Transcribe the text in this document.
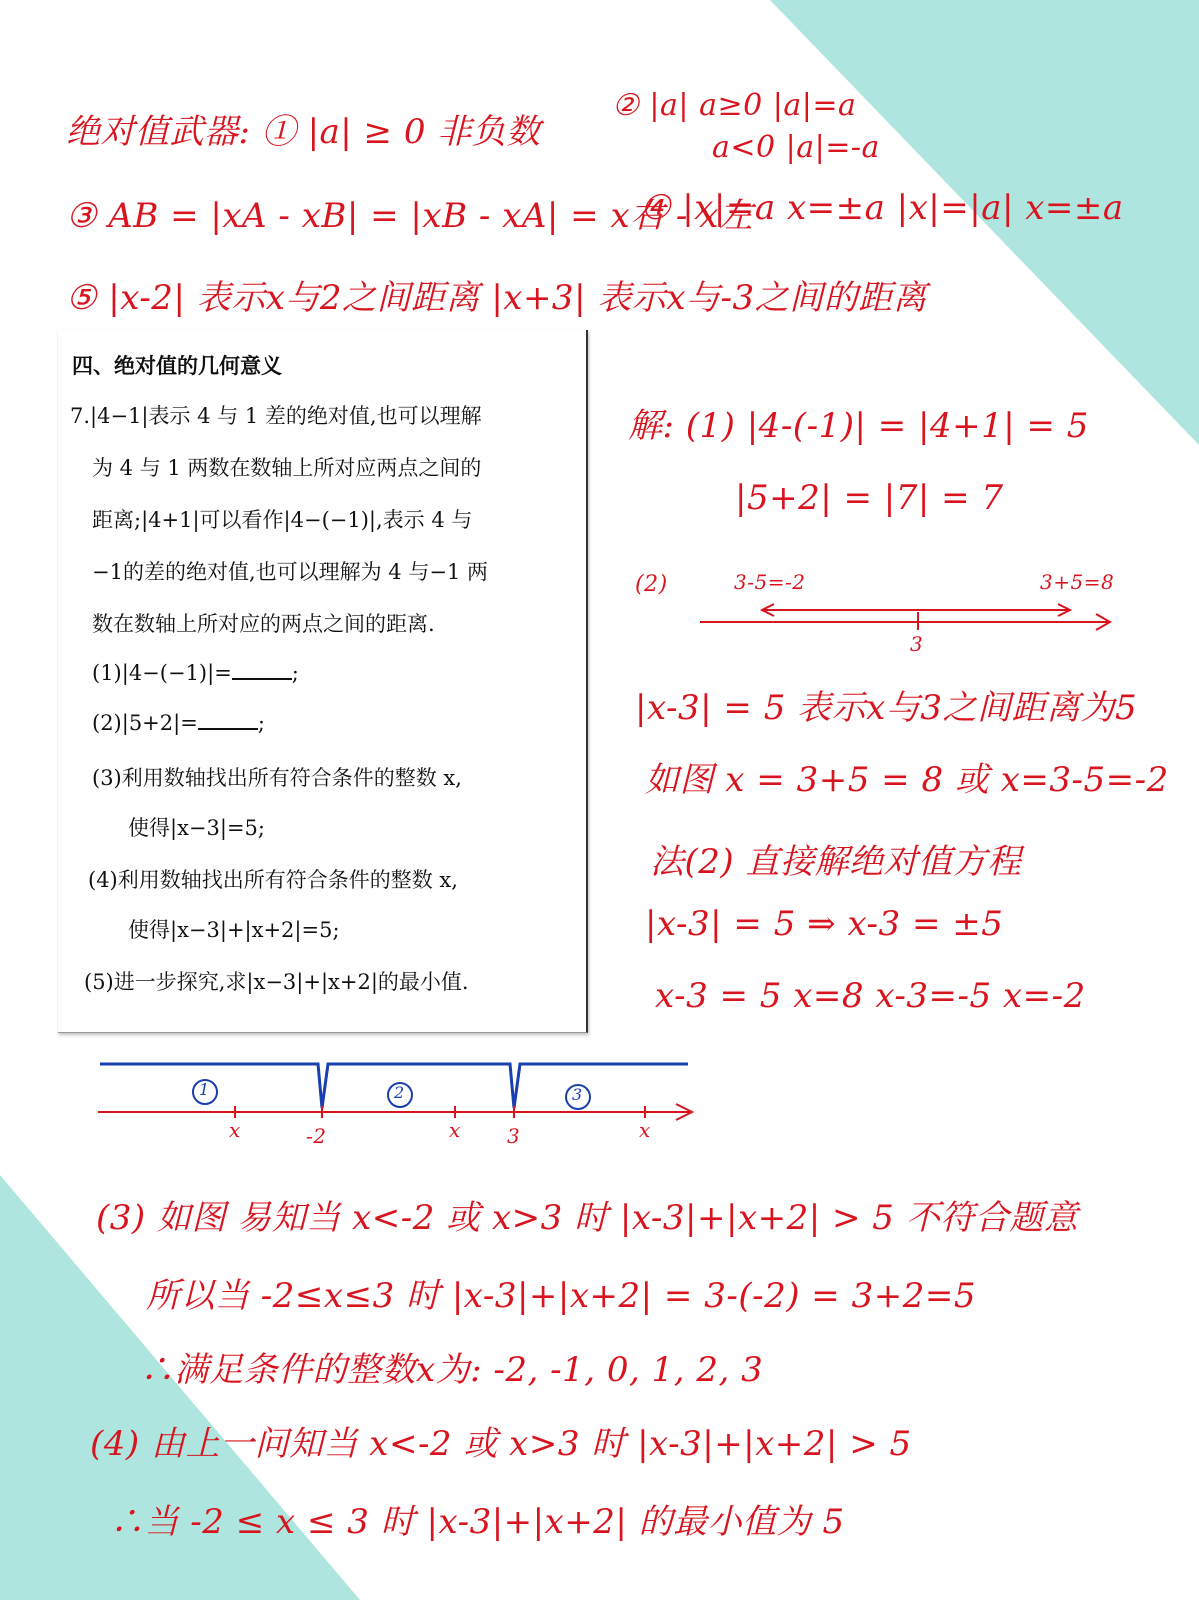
绝对值武器: ① |a| ≥ 0 非负数
② |a| a≥0 |a|=a
a<0 |a|=-a
③ AB = |xA - xB| = |xB - xA| = x右 - x左
④ |x|=a x=±a |x|=|a| x=±a
⑤ |x-2| 表示x与2之间距离 |x+3| 表示x与-3之间的距离
四、绝对值的几何意义
7.|4−1|表示 4 与 1 差的绝对值,也可以理解
为 4 与 1 两数在数轴上所对应两点之间的
距离;|4+1|可以看作|4−(−1)|,表示 4 与
−1的差的绝对值,也可以理解为 4 与−1 两
数在数轴上所对应的两点之间的距离.
(1)|4−(−1)|=	;
(2)|5+2|=	;
(3)利用数轴找出所有符合条件的整数 x,
使得|x−3|=5;
(4)利用数轴找出所有符合条件的整数 x,
使得|x−3|+|x+2|=5;
(5)进一步探究,求|x−3|+|x+2|的最小值.
解: (1) |4-(-1)| = |4+1| = 5
|5+2| = |7| = 7
(2)	3-5=-2	3+5=8
3
|x-3| = 5 表示x与3之间距离为5
如图 x = 3+5 = 8 或 x=3-5=-2
法(2) 直接解绝对值方程
|x-3| = 5 ⇒ x-3 = ±5
x-3 = 5 x=8 x-3=-5 x=-2
1	2	3
x	-2	x 3	x
(3) 如图 易知当 x<-2 或 x>3 时 |x-3|+|x+2| > 5 不符合题意
所以当 -2≤x≤3 时 |x-3|+|x+2| = 3-(-2) = 3+2=5
∴满足条件的整数x为: -2, -1, 0, 1, 2, 3
(4) 由上一问知当 x<-2 或 x>3 时 |x-3|+|x+2| > 5
∴当 -2 ≤ x ≤ 3 时 |x-3|+|x+2| 的最小值为 5
